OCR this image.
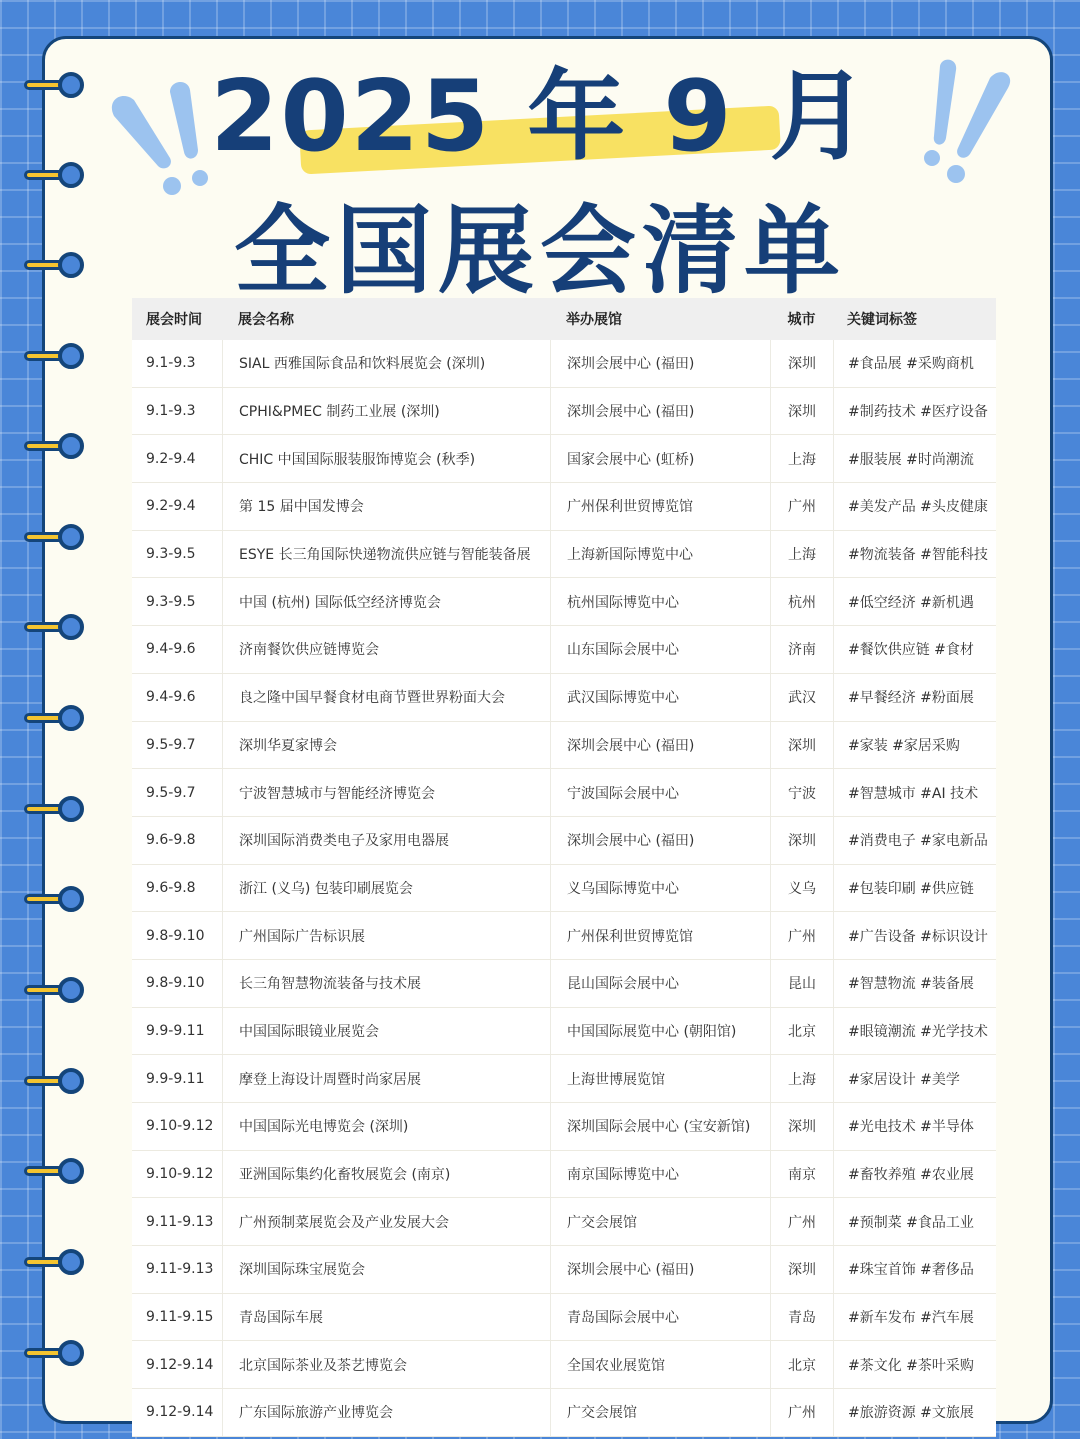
2025 年 9 月
全国展会清单
展会时间	展会名称	举办展馆	城市	关键词标签
9.1-9.3	SIAL 西雅国际食品和饮料展览会 (深圳)	深圳会展中心 (福田)	深圳	#食品展 #采购商机
9.1-9.3	CPHI&PMEC 制药工业展 (深圳)	深圳会展中心 (福田)	深圳	#制药技术 #医疗设备
9.2-9.4	CHIC 中国国际服装服饰博览会 (秋季)	国家会展中心 (虹桥)	上海	#服装展 #时尚潮流
9.2-9.4	第 15 届中国发博会	广州保利世贸博览馆	广州	#美发产品 #头皮健康
9.3-9.5	ESYE 长三角国际快递物流供应链与智能装备展	上海新国际博览中心	上海	#物流装备 #智能科技
9.3-9.5	中国 (杭州) 国际低空经济博览会	杭州国际博览中心	杭州	#低空经济 #新机遇
9.4-9.6	济南餐饮供应链博览会	山东国际会展中心	济南	#餐饮供应链 #食材
9.4-9.6	良之隆中国早餐食材电商节暨世界粉面大会	武汉国际博览中心	武汉	#早餐经济 #粉面展
9.5-9.7	深圳华夏家博会	深圳会展中心 (福田)	深圳	#家装 #家居采购
9.5-9.7	宁波智慧城市与智能经济博览会	宁波国际会展中心	宁波	#智慧城市 #AI 技术
9.6-9.8	深圳国际消费类电子及家用电器展	深圳会展中心 (福田)	深圳	#消费电子 #家电新品
9.6-9.8	浙江 (义乌) 包装印刷展览会	义乌国际博览中心	义乌	#包装印刷 #供应链
9.8-9.10	广州国际广告标识展	广州保利世贸博览馆	广州	#广告设备 #标识设计
9.8-9.10	长三角智慧物流装备与技术展	昆山国际会展中心	昆山	#智慧物流 #装备展
9.9-9.11	中国国际眼镜业展览会	中国国际展览中心 (朝阳馆)	北京	#眼镜潮流 #光学技术
9.9-9.11	摩登上海设计周暨时尚家居展	上海世博展览馆	上海	#家居设计 #美学
9.10-9.12	中国国际光电博览会 (深圳)	深圳国际会展中心 (宝安新馆)	深圳	#光电技术 #半导体
9.10-9.12	亚洲国际集约化畜牧展览会 (南京)	南京国际博览中心	南京	#畜牧养殖 #农业展
9.11-9.13	广州预制菜展览会及产业发展大会	广交会展馆	广州	#预制菜 #食品工业
9.11-9.13	深圳国际珠宝展览会	深圳会展中心 (福田)	深圳	#珠宝首饰 #奢侈品
9.11-9.15	青岛国际车展	青岛国际会展中心	青岛	#新车发布 #汽车展
9.12-9.14	北京国际茶业及茶艺博览会	全国农业展览馆	北京	#茶文化 #茶叶采购
9.12-9.14	广东国际旅游产业博览会	广交会展馆	广州	#旅游资源 #文旅展
